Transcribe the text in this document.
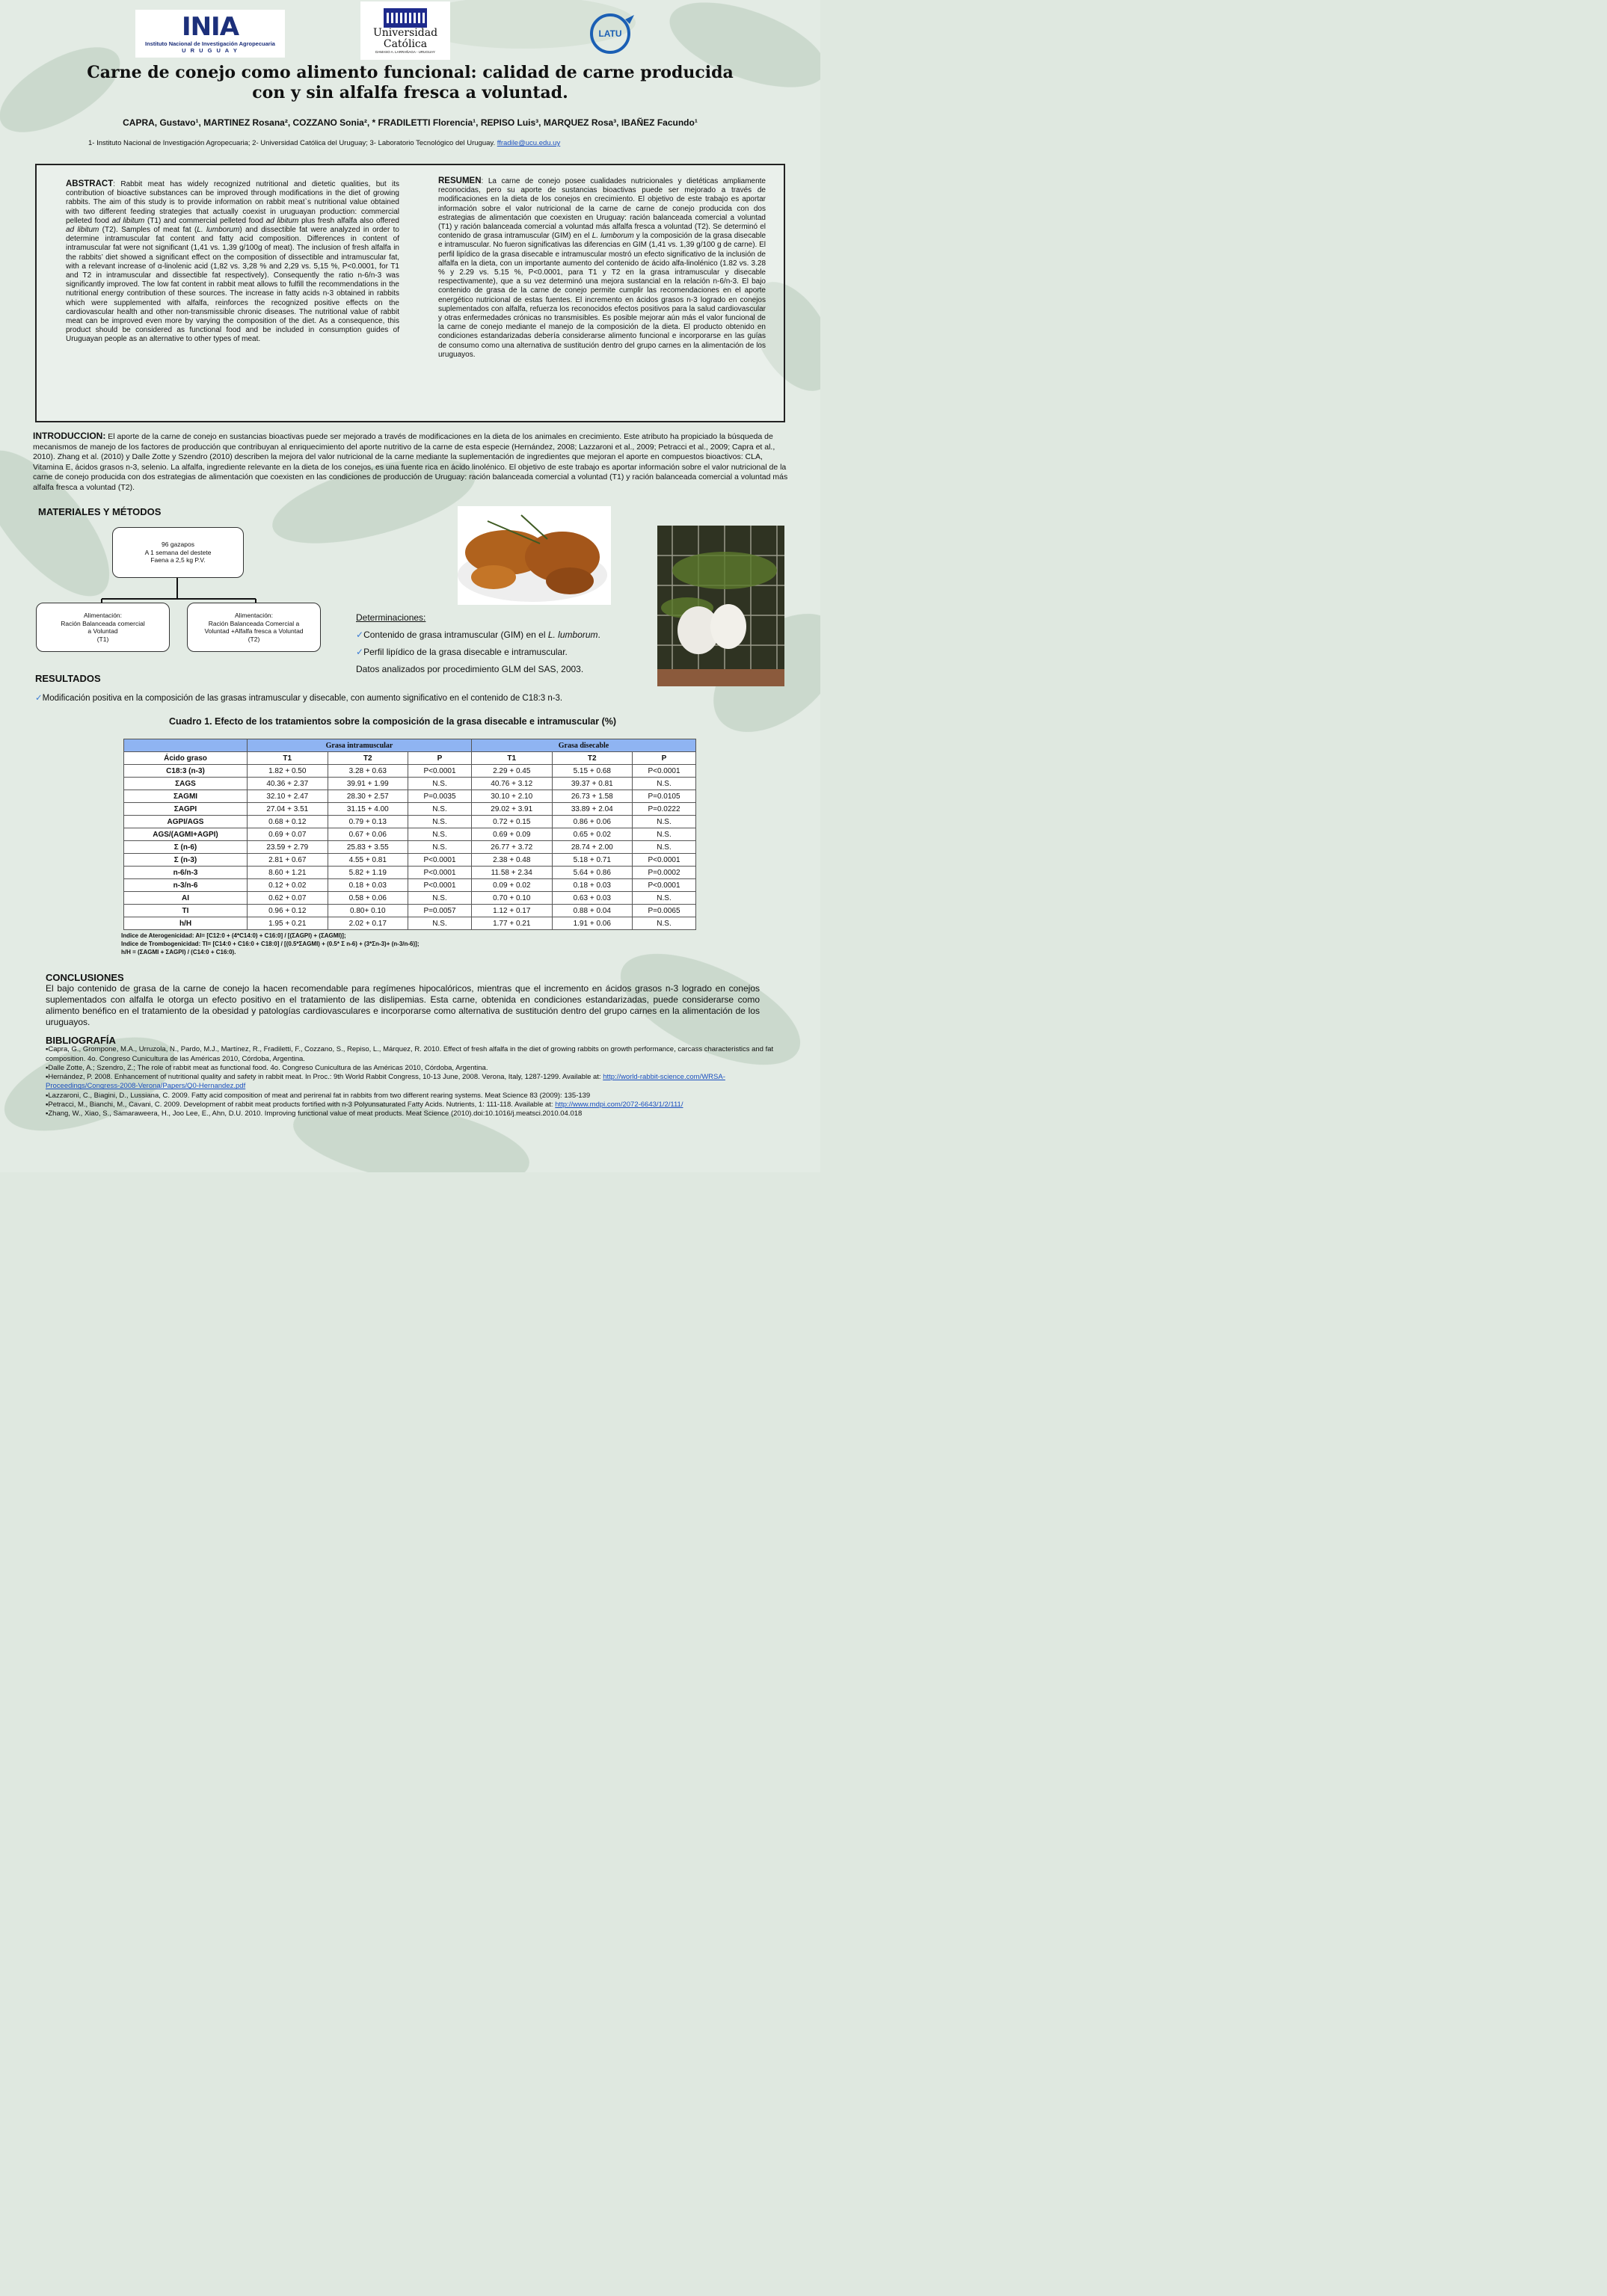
INIA
Instituto Nacional de Investigación Agropecuaria
U R U G U A Y
Universidad
Católica
DAMASO A. LARRAÑAGA - URUGUAY
LATU
Carne de conejo como alimento funcional: calidad de carne producida
con y sin alfalfa fresca a voluntad.
CAPRA, Gustavo¹, MARTINEZ Rosana², COZZANO Sonia², * FRADILETTI Florencia¹, REPISO Luis³, MARQUEZ Rosa³, IBAÑEZ Facundo¹
1- Instituto Nacional de Investigación Agropecuaria; 2- Universidad Católica del Uruguay; 3- Laboratorio Tecnológico del Uruguay. ffradile@ucu.edu.uy
ABSTRACT: Rabbit meat has widely recognized nutritional and dietetic qualities, but its contribution of bioactive substances can be improved through modifications in the diet of growing rabbits. The aim of this study is to provide information on rabbit meat`s nutritional value obtained with two different feeding strategies that actually coexist in uruguayan production: commercial pelleted food ad libitum (T1) and commercial pelleted food ad libitum plus fresh alfalfa also offered ad libitum (T2). Samples of meat fat (L. lumborum) and dissectible fat were analyzed in order to determine intramuscular fat content and fatty acid composition. Differences in content of intramuscular fat were not significant (1,41 vs. 1,39 g/100g of meat). The inclusion of fresh alfalfa in the rabbits’ diet showed a significant effect on the composition of dissectible and intramuscular fat, with a relevant increase of α-linolenic acid (1,82 vs. 3,28 % and 2,29 vs. 5,15 %, P<0.0001, for T1 and T2 in intramuscular and dissectible fat respectively). Consequently the ratio n-6/n-3 was significantly improved. The low fat content in rabbit meat allows to fulfill the recommendations in the nutritional energy contribution of these sources. The increase in fatty acids n-3 obtained in rabbits which were supplemented with alfalfa, reinforces the recognized positive effects on the cardiovascular health and other non-transmissible chronic diseases. The nutritional value of rabbit meat can be improved even more by varying the composition of the diet. As a consequence, this product should be considered as functional food and be included in consumption guides of Uruguayan people as an alternative to other types of meat.
RESUMEN: La carne de conejo posee cualidades nutricionales y dietéticas ampliamente reconocidas, pero su aporte de sustancias bioactivas puede ser mejorado a través de modificaciones en la dieta de los conejos en crecimiento. El objetivo de este trabajo es aportar información sobre el valor nutricional de la carne de carne de conejo producida con dos estrategias de alimentación que coexisten en Uruguay: ración balanceada comercial a voluntad (T1) y ración balanceada comercial a voluntad más alfalfa fresca a voluntad (T2). Se determinó el contenido de grasa intramuscular (GIM) en el L. lumborum y la composición de la grasa disecable e intramuscular. No fueron significativas las diferencias en GIM (1,41 vs. 1,39 g/100 g de carne). El perfil lipídico de la grasa disecable e intramuscular mostró un efecto significativo de la inclusión de alfalfa en la dieta, con un importante aumento del contenido de ácido alfa-linolénico (1.82 vs. 3.28 % y 2.29 vs. 5.15 %, P<0.0001, para T1 y T2 en la grasa intramuscular y disecable respectivamente), que a su vez determinó una mejora sustancial en la relación n-6/n-3. El bajo contenido de grasa de la carne de conejo permite cumplir las recomendaciones en el aporte energético nutricional de estas fuentes. El incremento en ácidos grasos n-3 logrado en conejos suplementados con alfalfa, refuerza los reconocidos efectos positivos para la salud cardiovascular y otras enfermedades crónicas no transmisibles. Es posible mejorar aún más el valor funcional de la carne de conejo mediante el manejo de la composición de la dieta. El producto obtenido en condiciones estandarizadas debería considerarse alimento funcional e incorporarse en las guías de consumo como una alternativa de sustitución dentro del grupo carnes en la alimentación de los uruguayos.
INTRODUCCION: El aporte de la carne de conejo en sustancias bioactivas puede ser mejorado a través de modificaciones en la dieta de los animales en crecimiento. Este atributo ha propiciado la búsqueda de mecanismos de manejo de los factores de producción que contribuyan al enriquecimiento del aporte nutritivo de la carne de esta especie (Hernández, 2008; Lazzaroni et al., 2009; Petracci et al., 2009; Capra et al., 2010). Zhang et al. (2010) y Dalle Zotte y Szendro (2010) describen la mejora del valor nutricional de la carne mediante la suplementación de ingredientes que mejoran el aporte en compuestos bioactivos: CLA, Vitamina E, ácidos grasos n-3, selenio. La alfalfa, ingrediente relevante en la dieta de los conejos, es una fuente rica en ácido linolénico. El objetivo de este trabajo es aportar información sobre el valor nutricional de la carne de conejo producida con dos estrategias de alimentación que coexisten en las condiciones de producción de Uruguay: ración balanceada comercial a voluntad (T1) y ración balanceada comercial a voluntad más alfalfa fresca a voluntad (T2).
MATERIALES Y MÉTODOS
96 gazapos
A 1 semana del destete
Faena a 2,5 kg P.V.
Alimentación:
Ración Balanceada comercial
a Voluntad
(T1)
Alimentación:
Ración Balanceada Comercial a
Voluntad +Alfalfa fresca a Voluntad
(T2)
Determinaciones:
✓Contenido de grasa intramuscular (GIM) en el L. lumborum.
✓Perfil lipídico de la grasa disecable e intramuscular.
Datos analizados por procedimiento GLM del SAS, 2003.
RESULTADOS
✓Modificación positiva en la composición de las grasas intramuscular y disecable, con aumento significativo en el contenido de C18:3 n-3.
Cuadro 1. Efecto de los tratamientos sobre la composición de la grasa disecable e intramuscular (%)
	Grasa intramuscular			Grasa disecable		
Ácido graso	T1	T2	P	T1	T2	P
C18:3 (n-3)	1.82 + 0.50	3.28 + 0.63	P<0.0001	2.29 + 0.45	5.15 + 0.68	P<0.0001
ΣAGS	40.36 + 2.37	39.91 + 1.99	N.S.	40.76 + 3.12	39.37 + 0.81	N.S.
ΣAGMI	32.10 + 2.47	28.30 + 2.57	P=0.0035	30.10 + 2.10	26.73 + 1.58	P=0.0105
ΣAGPI	27.04 + 3.51	31.15 + 4.00	N.S.	29.02 + 3.91	33.89 + 2.04	P=0.0222
AGPI/AGS	0.68 + 0.12	0.79 + 0.13	N.S.	0.72 + 0.15	0.86 + 0.06	N.S.
AGS/(AGMI+AGPI)	0.69 + 0.07	0.67 + 0.06	N.S.	0.69 + 0.09	0.65 + 0.02	N.S.
Σ (n-6)	23.59 + 2.79	25.83 + 3.55	N.S.	26.77 + 3.72	28.74 + 2.00	N.S.
Σ (n-3)	2.81 + 0.67	4.55 + 0.81	P<0.0001	2.38 + 0.48	5.18 + 0.71	P<0.0001
n-6/n-3	8.60 + 1.21	5.82 + 1.19	P<0.0001	11.58 + 2.34	5.64 + 0.86	P=0.0002
n-3/n-6	0.12 + 0.02	0.18 + 0.03	P<0.0001	0.09 + 0.02	0.18 + 0.03	P<0.0001
AI	0.62 + 0.07	0.58 + 0.06	N.S.	0.70 + 0.10	0.63 + 0.03	N.S.
TI	0.96 + 0.12	0.80+ 0.10	P=0.0057	1.12 + 0.17	0.88 + 0.04	P=0.0065
h/H	1.95 + 0.21	2.02 + 0.17	N.S.	1.77 + 0.21	1.91 + 0.06	N.S.
Indice de Aterogenicidad: AI= [C12:0 + (4*C14:0) + C16:0] / [(ΣAGPI) + (ΣAGMI)];
Indice de Trombogenicidad: TI= [C14:0 + C16:0 + C18:0] / [(0.5*ΣAGMI) + (0.5* Σ n-6) + (3*Σn-3)+ (n-3/n-6)];
h/H = (ΣAGMI + ΣAGPI) / (C14:0 + C16:0).
CONCLUSIONES
El bajo contenido de grasa de la carne de conejo la hacen recomendable para regímenes hipocalóricos, mientras que el incremento en ácidos grasos n-3 logrado en conejos suplementados con alfalfa le otorga un efecto positivo en el tratamiento de las dislipemias. Esta carne, obtenida en condiciones estandarizadas, puede considerarse como alimento benéfico en el tratamiento de la obesidad y patologías cardiovasculares e incorporarse como alternativa de sustitución dentro del grupo carnes en la alimentación de los uruguayos.
BIBLIOGRAFÍA
▪Capra, G., Grompone, M.A., Urruzola, N., Pardo, M.J., Martínez, R., Fradiletti, F., Cozzano, S., Repiso, L., Márquez, R. 2010. Effect of fresh alfalfa in the diet of growing rabbits on growth performance, carcass characteristics and fat composition. 4o. Congreso Cunicultura de las Américas 2010, Córdoba, Argentina.
▪Dalle Zotte, A.; Szendro, Z.; The role of rabbit meat as functional food. 4o. Congreso Cunicultura de las Américas 2010, Córdoba, Argentina.
▪Hernández, P. 2008. Enhancement of nutritional quality and safety in rabbit meat. In Proc.: 9th World Rabbit Congress, 10-13 June, 2008. Verona, Italy, 1287-1299. Available at: http://world-rabbit-science.com/WRSA-Proceedings/Congress-2008-Verona/Papers/Q0-Hernandez.pdf
▪Lazzaroni, C., Biagini, D., Lussiana, C. 2009. Fatty acid composition of meat and perirenal fat in rabbits from two different rearing systems. Meat Science 83 (2009): 135-139
▪Petracci, M., Bianchi, M., Cavani, C. 2009. Development of rabbit meat products fortified with n-3 Polyunsaturated Fatty Acids. Nutrients, 1: 111-118. Available at: http://www.mdpi.com/2072-6643/1/2/111/
▪Zhang, W., Xiao, S., Samaraweera, H., Joo Lee, E., Ahn, D.U. 2010. Improving functional value of meat products. Meat Science (2010).doi:10.1016/j.meatsci.2010.04.018
